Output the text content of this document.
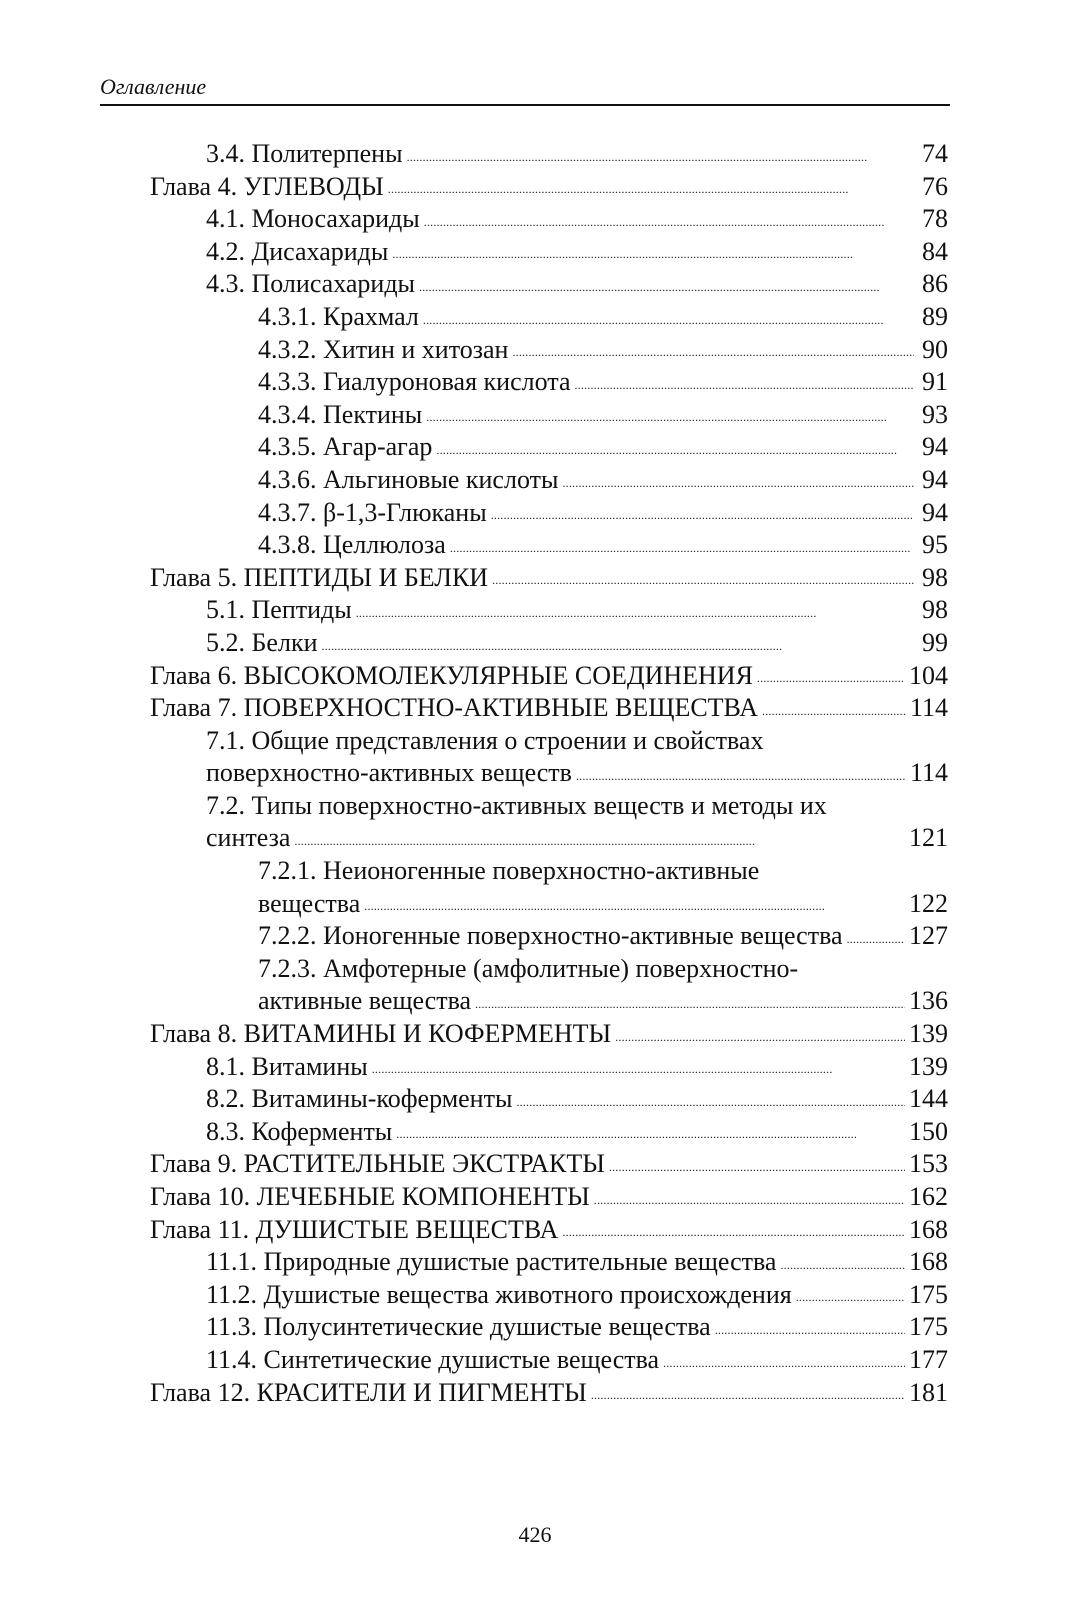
Оглавление
3.4. Политерпены . . .	74
Глава 4. УГЛЕВОДЫ . . .	76
4.1. Моносахариды . . .	78
4.2. Дисахариды . . .	84
4.3. Полисахариды . . .	86
4.3.1. Крахмал . . .	89
4.3.2. Хитин и хитозан . . .	90
4.3.3. Гиалуроновая кислота . . .	91
4.3.4. Пектины . . .	93
4.3.5. Агар-агар . . .	94
4.3.6. Альгиновые кислоты . . .	94
4.3.7. β-1,3-Глюканы . . .	94
4.3.8. Целлюлоза . . .	95
Глава 5. ПЕПТИДЫ И БЕЛКИ . . .	98
5.1. Пептиды . . .	98
5.2. Белки . . .	99
Глава 6. ВЫСОКОМОЛЕКУЛЯРНЫЕ СОЕДИНЕНИЯ . . .	104
Глава 7. ПОВЕРХНОСТНО-АКТИВНЫЕ ВЕЩЕСТВА . . .	114
7.1. Общие представления о строении и свойствах
поверхностно-активных веществ . . .	114
7.2. Типы поверхностно-активных веществ и методы их
синтеза . . .	121
7.2.1. Неионогенные поверхностно-активные
вещества . . .	122
7.2.2. Ионогенные поверхностно-активные вещества . . .	127
7.2.3. Амфотерные (амфолитные) поверхностно-
активные вещества . . .	136
Глава 8. ВИТАМИНЫ И КОФЕРМЕНТЫ . . .	139
8.1. Витамины . . .	139
8.2. Витамины-коферменты . . .	144
8.3. Коферменты . . .	150
Глава 9. РАСТИТЕЛЬНЫЕ ЭКСТРАКТЫ . . .	153
Глава 10. ЛЕЧЕБНЫЕ КОМПОНЕНТЫ . . .	162
Глава 11. ДУШИСТЫЕ ВЕЩЕСТВА . . .	168
11.1. Природные душистые растительные вещества . . .	168
11.2. Душистые вещества животного происхождения . . .	175
11.3. Полусинтетические душистые вещества . . .	175
11.4. Синтетические душистые вещества . . .	177
Глава 12. КРАСИТЕЛИ И ПИГМЕНТЫ . . .	181
426
